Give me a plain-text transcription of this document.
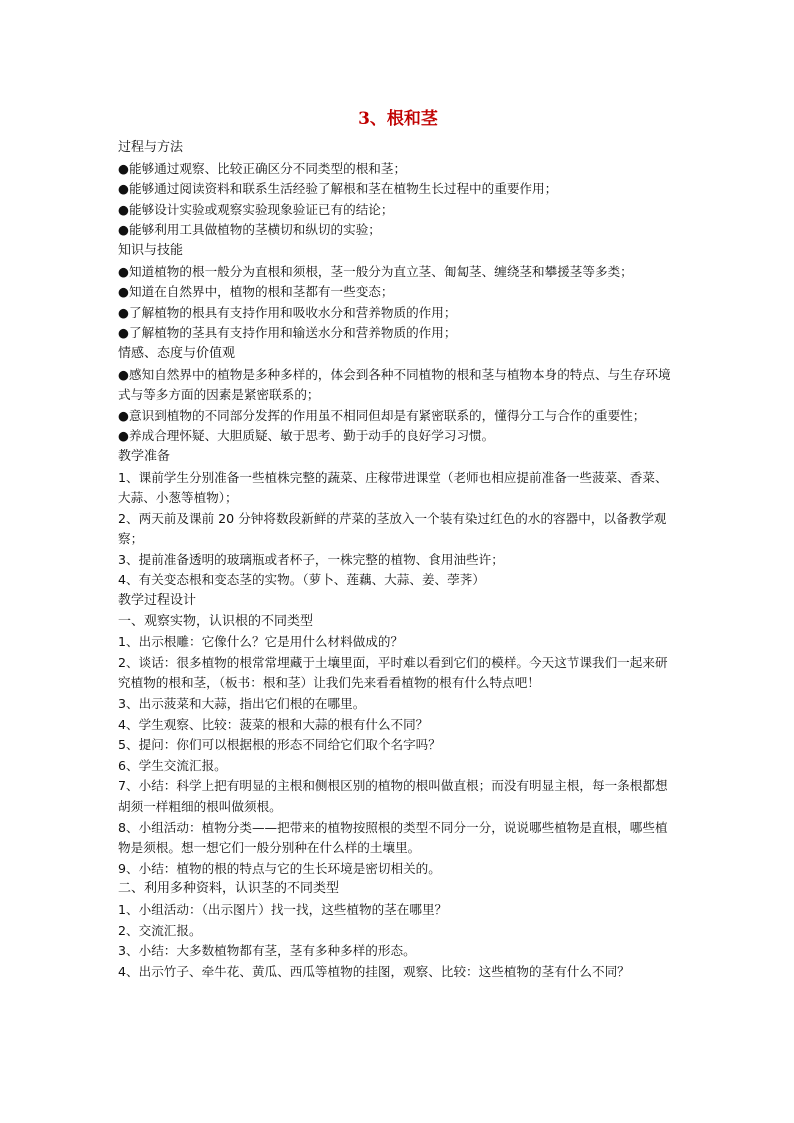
3、根和茎
过程与方法
●能够通过观察、比较正确区分不同类型的根和茎；
●能够通过阅读资料和联系生活经验了解根和茎在植物生长过程中的重要作用；
●能够设计实验或观察实验现象验证已有的结论；
●能够利用工具做植物的茎横切和纵切的实验；
知识与技能
●知道植物的根一般分为直根和须根，茎一般分为直立茎、匍匐茎、缠绕茎和攀援茎等多类；
●知道在自然界中，植物的根和茎都有一些变态；
●了解植物的根具有支持作用和吸收水分和营养物质的作用；
●了解植物的茎具有支持作用和输送水分和营养物质的作用；
情感、态度与价值观
●感知自然界中的植物是多种多样的，体会到各种不同植物的根和茎与植物本身的特点、与生存环境式与等多方面的因素是紧密联系的；
●意识到植物的不同部分发挥的作用虽不相同但却是有紧密联系的，懂得分工与合作的重要性；
●养成合理怀疑、大胆质疑、敏于思考、勤于动手的良好学习习惯。
教学准备
1、课前学生分别准备一些植株完整的蔬菜、庄稼带进课堂（老师也相应提前准备一些菠菜、香菜、大蒜、小葱等植物）；
2、两天前及课前 20 分钟将数段新鲜的芹菜的茎放入一个装有染过红色的水的容器中，以备教学观察；
3、提前准备透明的玻璃瓶或者杯子，一株完整的植物、食用油些许；
4、有关变态根和变态茎的实物。（萝卜、莲藕、大蒜、姜、荸荠）
教学过程设计
一、观察实物，认识根的不同类型
1、出示根雕：它像什么？它是用什么材料做成的？
2、谈话：很多植物的根常常埋藏于土壤里面，平时难以看到它们的模样。今天这节课我们一起来研究植物的根和茎，（板书：根和茎）让我们先来看看植物的根有什么特点吧！
3、出示菠菜和大蒜，指出它们根的在哪里。
4、学生观察、比较：菠菜的根和大蒜的根有什么不同？
5、提问：你们可以根据根的形态不同给它们取个名字吗？
6、学生交流汇报。
7、小结：科学上把有明显的主根和侧根区别的植物的根叫做直根；而没有明显主根，每一条根都想胡须一样粗细的根叫做须根。
8、小组活动：植物分类——把带来的植物按照根的类型不同分一分，说说哪些植物是直根，哪些植物是须根。想一想它们一般分别种在什么样的土壤里。
9、小结：植物的根的特点与它的生长环境是密切相关的。
二、利用多种资料，认识茎的不同类型
1、小组活动：（出示图片）找一找，这些植物的茎在哪里？
2、交流汇报。
3、小结：大多数植物都有茎，茎有多种多样的形态。
4、出示竹子、牵牛花、黄瓜、西瓜等植物的挂图，观察、比较：这些植物的茎有什么不同？
